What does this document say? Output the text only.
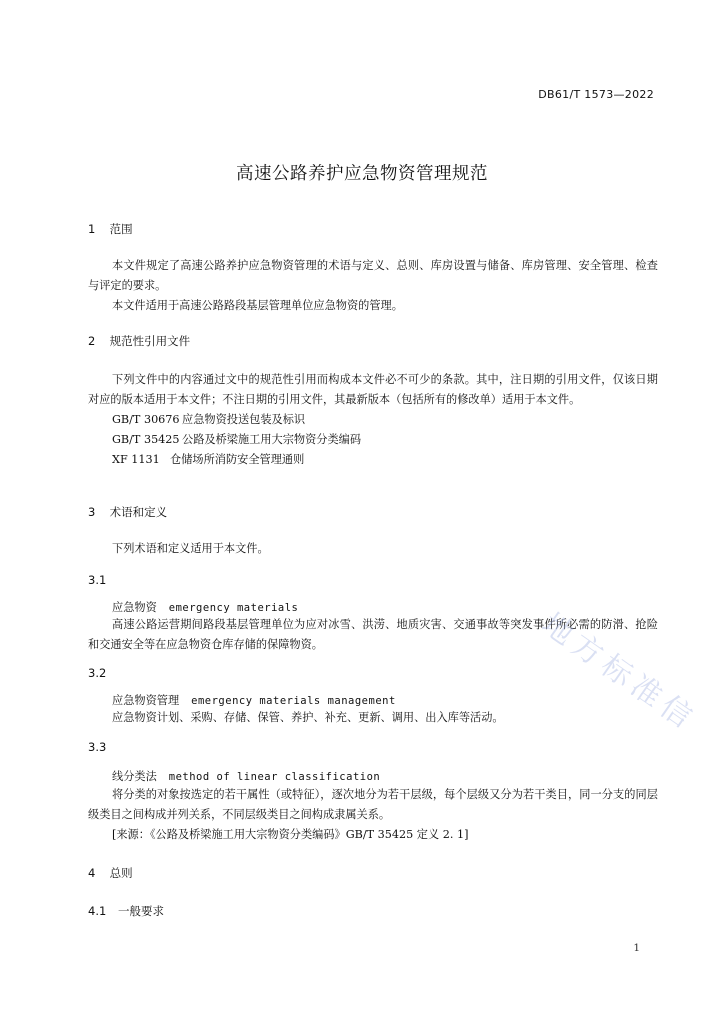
DB61/T 1573—2022
高速公路养护应急物资管理规范
1 范围

本文件规定了高速公路养护应急物资管理的术语与定义、总则、库房设置与储备、库房管理、安全管理、检查与评定的要求。

本文件适用于高速公路路段基层管理单位应急物资的管理。

2 规范性引用文件

下列文件中的内容通过文中的规范性引用而构成本文件必不可少的条款。其中，注日期的引用文件，仅该日期对应的版本适用于本文件；不注日期的引用文件，其最新版本（包括所有的修改单）适用于本文件。

GB/T 30676 应急物资投送包装及标识

GB/T 35425 公路及桥梁施工用大宗物资分类编码

XF 1131 仓储场所消防安全管理通则

3 术语和定义

下列术语和定义适用于本文件。

3.1
应急物资 emergency materials

高速公路运营期间路段基层管理单位为应对冰雪、洪涝、地质灾害、交通事故等突发事件所必需的防滑、抢险和交通安全等在应急物资仓库存储的保障物资。

3.2
应急物资管理 emergency materials management

应急物资计划、采购、存储、保管、养护、补充、更新、调用、出入库等活动。

3.3
线分类法 method of linear classification

将分类的对象按选定的若干属性（或特征），逐次地分为若干层级，每个层级又分为若干类目，同一分支的同层级类目之间构成并列关系，不同层级类目之间构成隶属关系。

[来源：《公路及桥梁施工用大宗物资分类编码》GB/T 35425 定义 2. 1]

4 总则
4.1 一般要求
1
地方标准信
